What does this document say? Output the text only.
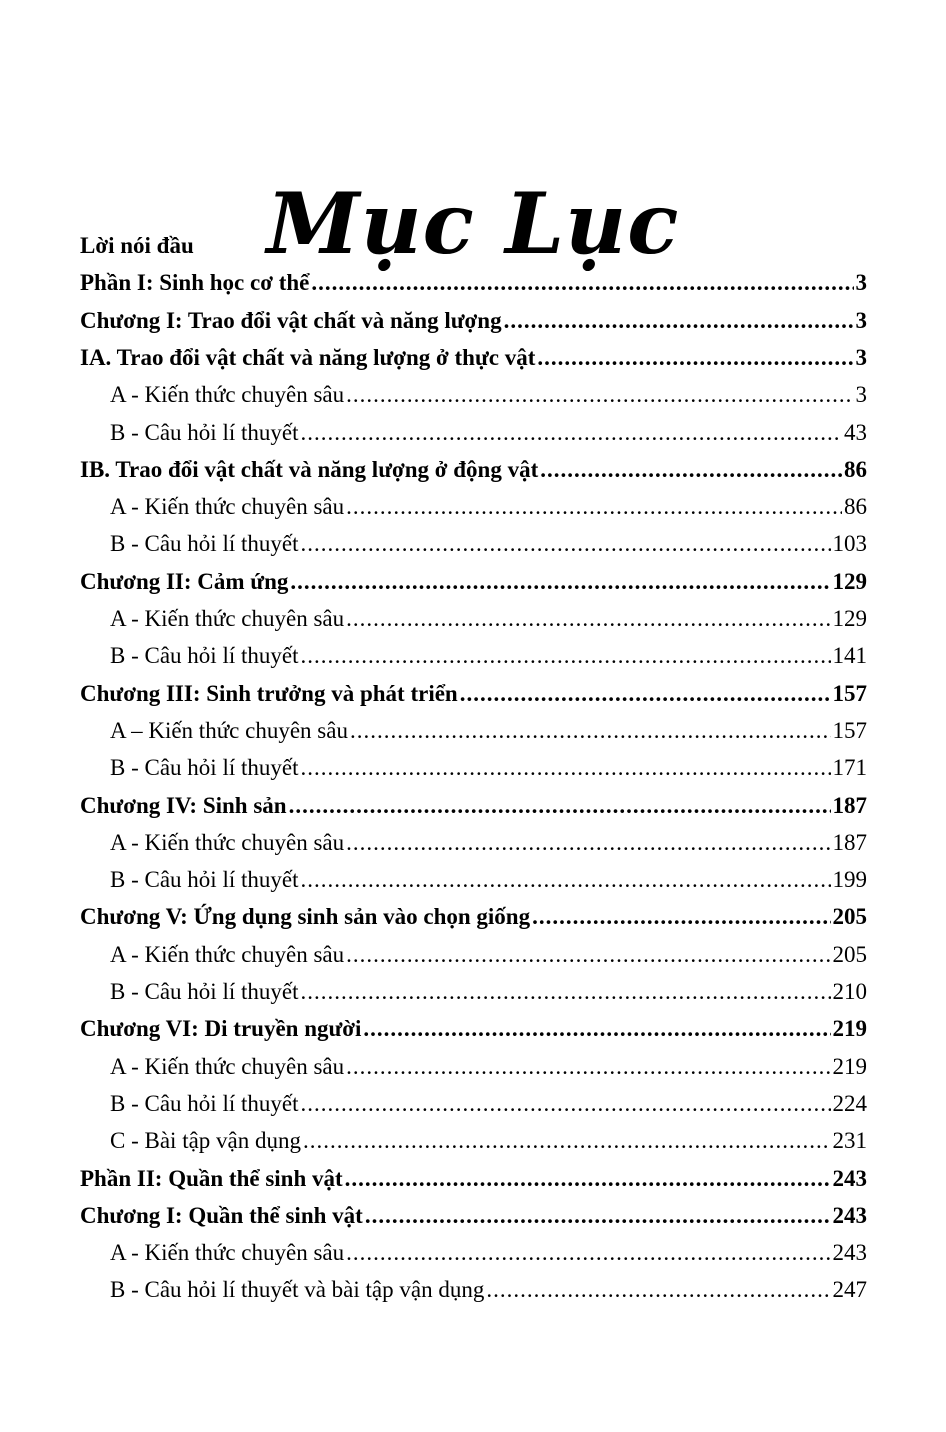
Mục Lục
Lời nói đầu
Phần I: Sinh học cơ thể .....	3
Chương I: Trao đổi vật chất và năng lượng .....	3
IA. Trao đổi vật chất và năng lượng ở thực vật .....	3
A - Kiến thức chuyên sâu .....	3
B - Câu hỏi lí thuyết .....	43
IB. Trao đổi vật chất và năng lượng ở động vật .....	86
A - Kiến thức chuyên sâu .....	86
B - Câu hỏi lí thuyết .....	103
Chương II: Cảm ứng .....	129
A - Kiến thức chuyên sâu .....	129
B - Câu hỏi lí thuyết .....	141
Chương III: Sinh trưởng và phát triển .....	157
A – Kiến thức chuyên sâu .....	157
B - Câu hỏi lí thuyết .....	171
Chương IV: Sinh sản .....	187
A - Kiến thức chuyên sâu .....	187
B - Câu hỏi lí thuyết .....	199
Chương V: Ứng dụng sinh sản vào chọn giống .....	205
A - Kiến thức chuyên sâu .....	205
B - Câu hỏi lí thuyết .....	210
Chương VI: Di truyền người .....	219
A - Kiến thức chuyên sâu .....	219
B - Câu hỏi lí thuyết .....	224
C - Bài tập vận dụng .....	231
Phần II: Quần thể sinh vật .....	243
Chương I: Quần thể sinh vật .....	243
A - Kiến thức chuyên sâu .....	243
B - Câu hỏi lí thuyết và bài tập vận dụng .....	247
